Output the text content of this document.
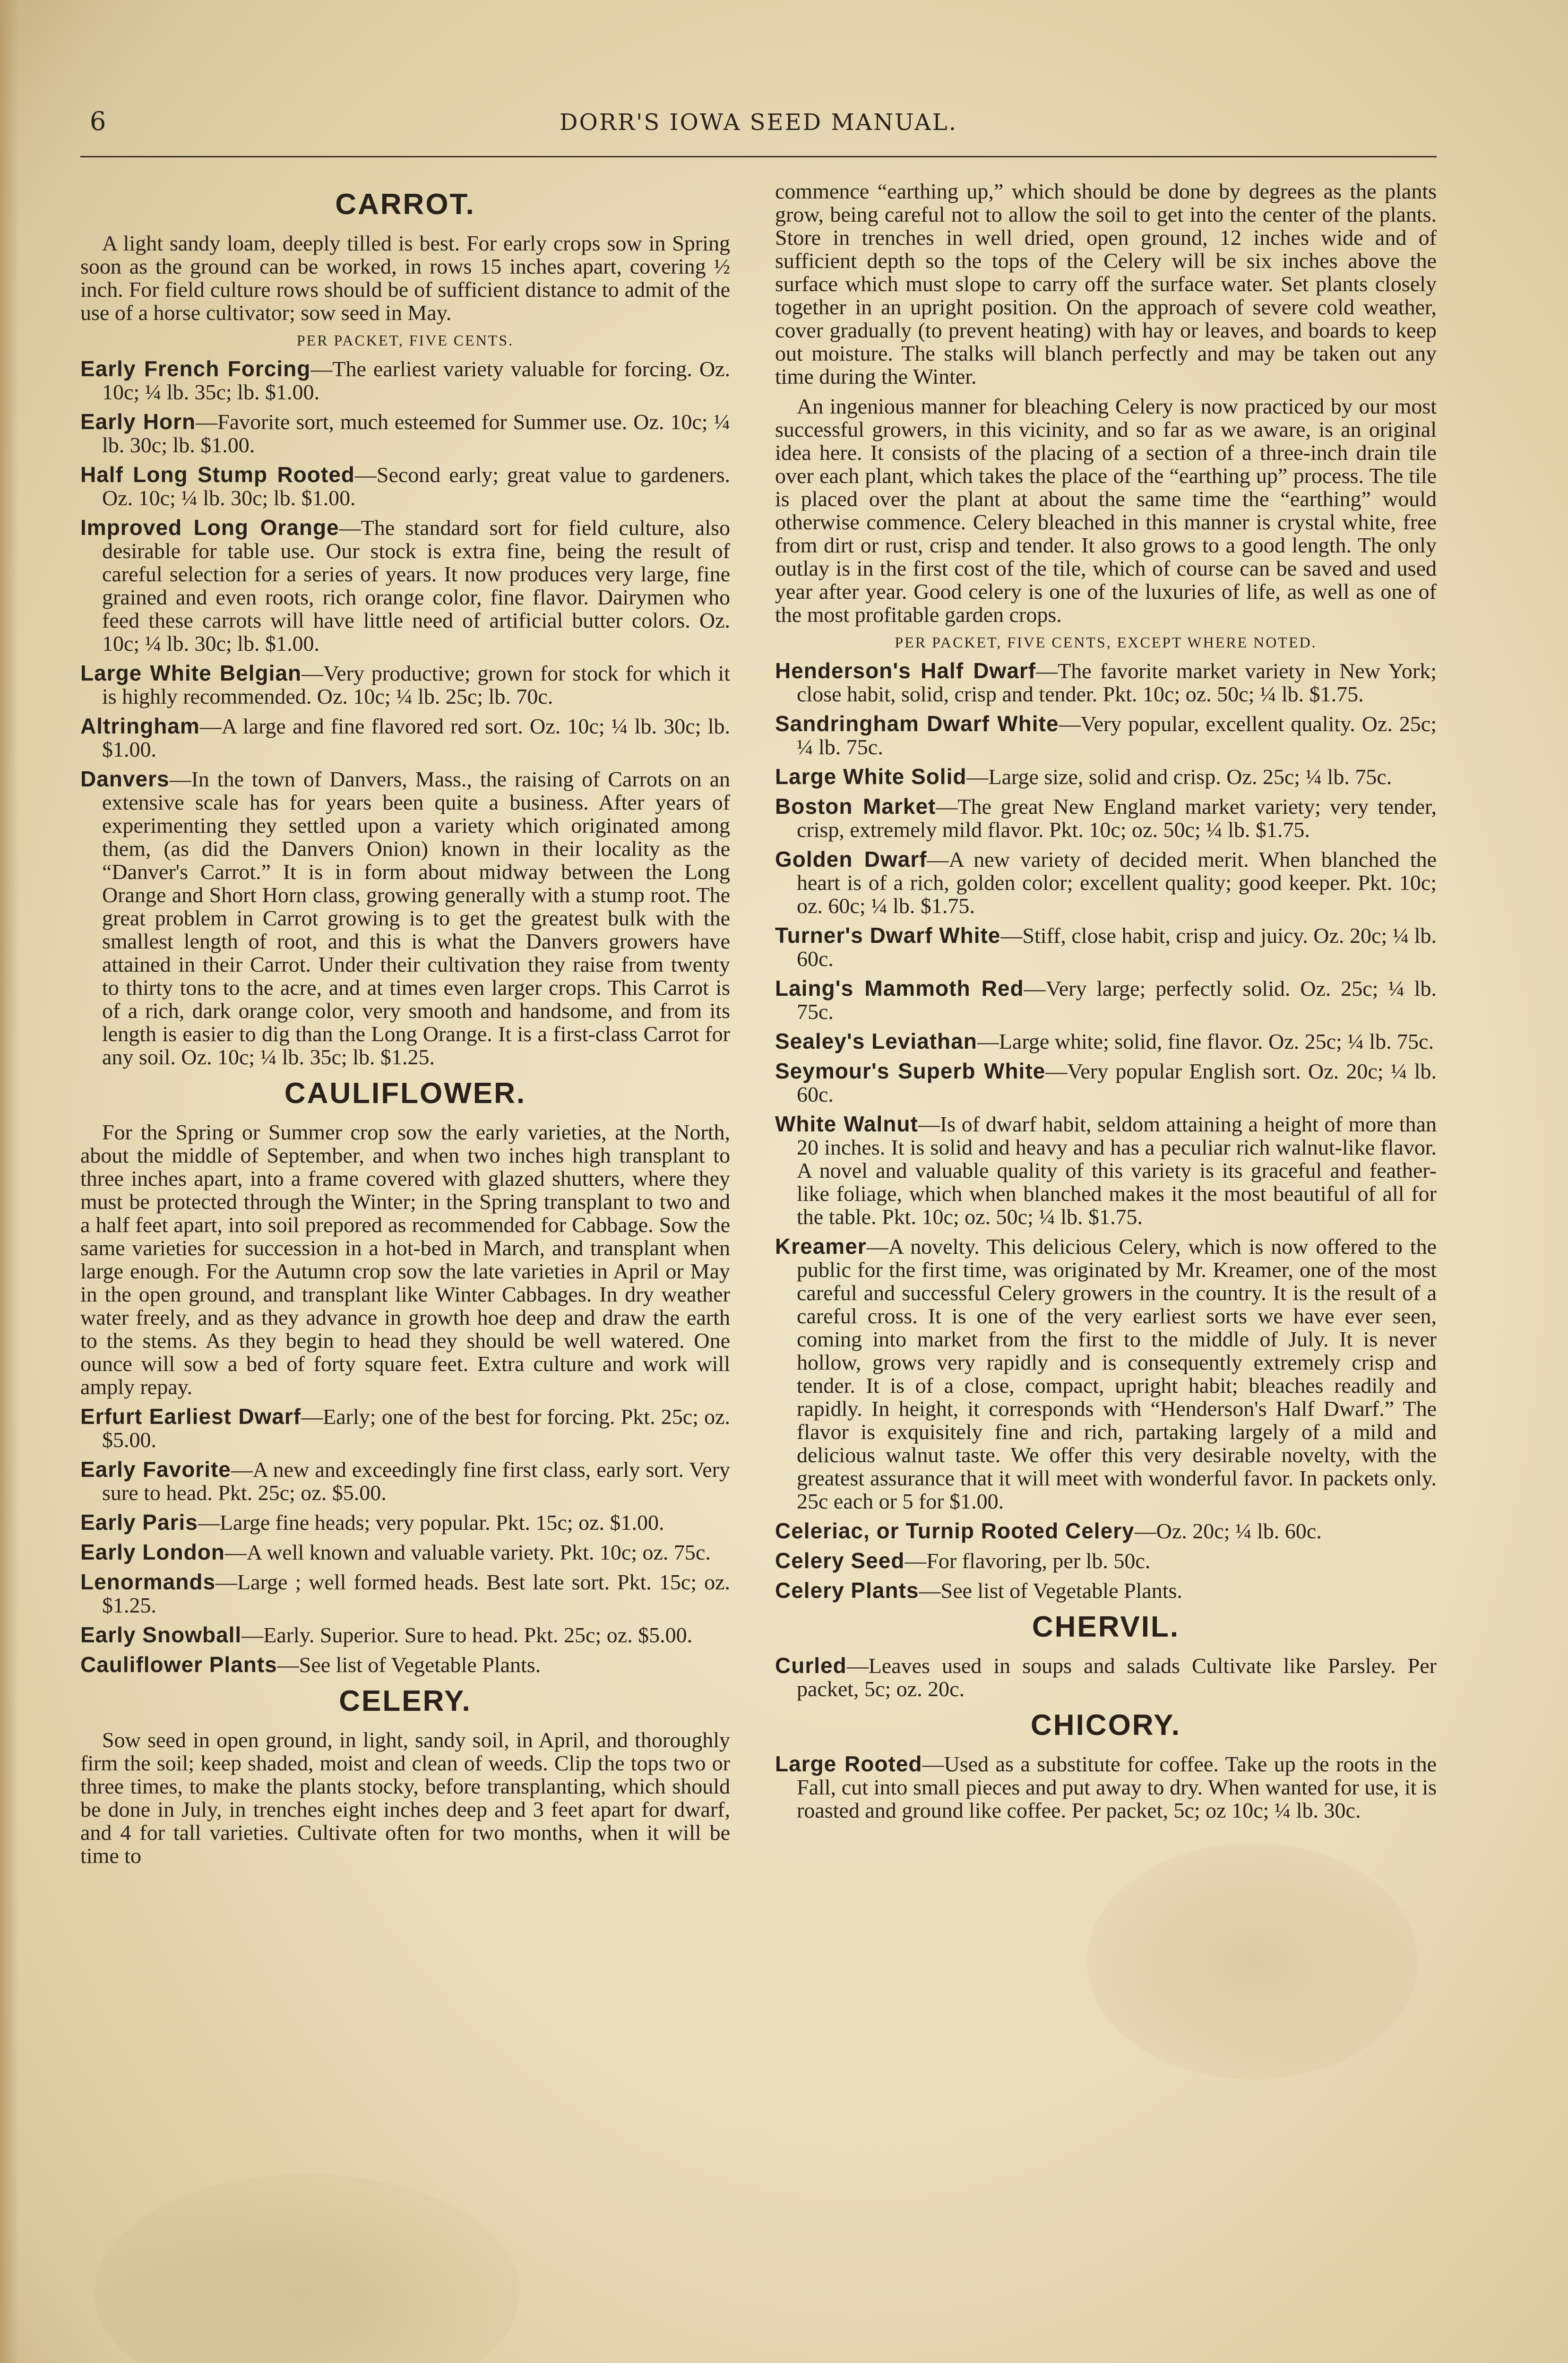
6	DORR'S IOWA SEED MANUAL.
CARROT.

A light sandy loam, deeply tilled is best. For early crops sow in Spring soon as the ground can be worked, in rows 15 inches apart, covering ½ inch. For field culture rows should be of sufficient distance to admit of the use of a horse cultivator; sow seed in May.

PER PACKET, FIVE CENTS.

Early French Forcing—The earliest variety valuable for forcing. Oz. 10c; ¼ lb. 35c; lb. $1.00.

Early Horn—Favorite sort, much esteemed for Summer use. Oz. 10c; ¼ lb. 30c; lb. $1.00.

Half Long Stump Rooted—Second early; great value to gardeners. Oz. 10c; ¼ lb. 30c; lb. $1.00.

Improved Long Orange—The standard sort for field culture, also desirable for table use. Our stock is extra fine, being the result of careful selection for a series of years. It now produces very large, fine grained and even roots, rich orange color, fine flavor. Dairymen who feed these carrots will have little need of artificial butter colors. Oz. 10c; ¼ lb. 30c; lb. $1.00.

Large White Belgian—Very productive; grown for stock for which it is highly recommended. Oz. 10c; ¼ lb. 25c; lb. 70c.

Altringham—A large and fine flavored red sort. Oz. 10c; ¼ lb. 30c; lb. $1.00.

Danvers—In the town of Danvers, Mass., the raising of Carrots on an extensive scale has for years been quite a business. After years of experimenting they settled upon a variety which originated among them, (as did the Danvers Onion) known in their locality as the “Danver's Carrot.” It is in form about midway between the Long Orange and Short Horn class, growing generally with a stump root. The great problem in Carrot growing is to get the greatest bulk with the smallest length of root, and this is what the Danvers growers have attained in their Carrot. Under their cultivation they raise from twenty to thirty tons to the acre, and at times even larger crops. This Carrot is of a rich, dark orange color, very smooth and handsome, and from its length is easier to dig than the Long Orange. It is a first-class Carrot for any soil. Oz. 10c; ¼ lb. 35c; lb. $1.25.

CAULIFLOWER.

For the Spring or Summer crop sow the early varieties, at the North, about the middle of September, and when two inches high transplant to three inches apart, into a frame covered with glazed shutters, where they must be protected through the Winter; in the Spring transplant to two and a half feet apart, into soil prepored as recommended for Cabbage. Sow the same varieties for succession in a hot-bed in March, and transplant when large enough. For the Autumn crop sow the late varieties in April or May in the open ground, and transplant like Winter Cabbages. In dry weather water freely, and as they advance in growth hoe deep and draw the earth to the stems. As they begin to head they should be well watered. One ounce will sow a bed of forty square feet. Extra culture and work will amply repay.

Erfurt Earliest Dwarf—Early; one of the best for forcing. Pkt. 25c; oz. $5.00.

Early Favorite—A new and exceedingly fine first class, early sort. Very sure to head. Pkt. 25c; oz. $5.00.

Early Paris—Large fine heads; very popular. Pkt. 15c; oz. $1.00.

Early London—A well known and valuable variety. Pkt. 10c; oz. 75c.

Lenormands—Large ; well formed heads. Best late sort. Pkt. 15c; oz. $1.25.

Early Snowball—Early. Superior. Sure to head. Pkt. 25c; oz. $5.00.

Cauliflower Plants—See list of Vegetable Plants.

CELERY.

Sow seed in open ground, in light, sandy soil, in April, and thoroughly firm the soil; keep shaded, moist and clean of weeds. Clip the tops two or three times, to make the plants stocky, before transplanting, which should be done in July, in trenches eight inches deep and 3 feet apart for dwarf, and 4 for tall varieties. Cultivate often for two months, when it will be time to

commence “earthing up,” which should be done by degrees as the plants grow, being careful not to allow the soil to get into the center of the plants. Store in trenches in well dried, open ground, 12 inches wide and of sufficient depth so the tops of the Celery will be six inches above the surface which must slope to carry off the surface water. Set plants closely together in an upright position. On the approach of severe cold weather, cover gradually (to prevent heating) with hay or leaves, and boards to keep out moisture. The stalks will blanch perfectly and may be taken out any time during the Winter.

An ingenious manner for bleaching Celery is now practiced by our most successful growers, in this vicinity, and so far as we aware, is an original idea here. It consists of the placing of a section of a three-inch drain tile over each plant, which takes the place of the “earthing up” process. The tile is placed over the plant at about the same time the “earthing” would otherwise commence. Celery bleached in this manner is crystal white, free from dirt or rust, crisp and tender. It also grows to a good length. The only outlay is in the first cost of the tile, which of course can be saved and used year after year. Good celery is one of the luxuries of life, as well as one of the most profitable garden crops.

PER PACKET, FIVE CENTS, EXCEPT WHERE NOTED.

Henderson's Half Dwarf—The favorite market variety in New York; close habit, solid, crisp and tender. Pkt. 10c; oz. 50c; ¼ lb. $1.75.

Sandringham Dwarf White—Very popular, excellent quality. Oz. 25c; ¼ lb. 75c.

Large White Solid—Large size, solid and crisp. Oz. 25c; ¼ lb. 75c.

Boston Market—The great New England market variety; very tender, crisp, extremely mild flavor. Pkt. 10c; oz. 50c; ¼ lb. $1.75.

Golden Dwarf—A new variety of decided merit. When blanched the heart is of a rich, golden color; excellent quality; good keeper. Pkt. 10c; oz. 60c; ¼ lb. $1.75.

Turner's Dwarf White—Stiff, close habit, crisp and juicy. Oz. 20c; ¼ lb. 60c.

Laing's Mammoth Red—Very large; perfectly solid. Oz. 25c; ¼ lb. 75c.

Sealey's Leviathan—Large white; solid, fine flavor. Oz. 25c; ¼ lb. 75c.

Seymour's Superb White—Very popular English sort. Oz. 20c; ¼ lb. 60c.

White Walnut—Is of dwarf habit, seldom attaining a height of more than 20 inches. It is solid and heavy and has a peculiar rich walnut-like flavor. A novel and valuable quality of this variety is its graceful and feather-like foliage, which when blanched makes it the most beautiful of all for the table. Pkt. 10c; oz. 50c; ¼ lb. $1.75.

Kreamer—A novelty. This delicious Celery, which is now offered to the public for the first time, was originated by Mr. Kreamer, one of the most careful and successful Celery growers in the country. It is the result of a careful cross. It is one of the very earliest sorts we have ever seen, coming into market from the first to the middle of July. It is never hollow, grows very rapidly and is consequently extremely crisp and tender. It is of a close, compact, upright habit; bleaches readily and rapidly. In height, it corresponds with “Henderson's Half Dwarf.” The flavor is exquisitely fine and rich, partaking largely of a mild and delicious walnut taste. We offer this very desirable novelty, with the greatest assurance that it will meet with wonderful favor. In packets only. 25c each or 5 for $1.00.

Celeriac, or Turnip Rooted Celery—Oz. 20c; ¼ lb. 60c.

Celery Seed—For flavoring, per lb. 50c.

Celery Plants—See list of Vegetable Plants.

CHERVIL.

Curled—Leaves used in soups and salads Cultivate like Parsley. Per packet, 5c; oz. 20c.

CHICORY.

Large Rooted—Used as a substitute for coffee. Take up the roots in the Fall, cut into small pieces and put away to dry. When wanted for use, it is roasted and ground like coffee. Per packet, 5c; oz 10c; ¼ lb. 30c.
